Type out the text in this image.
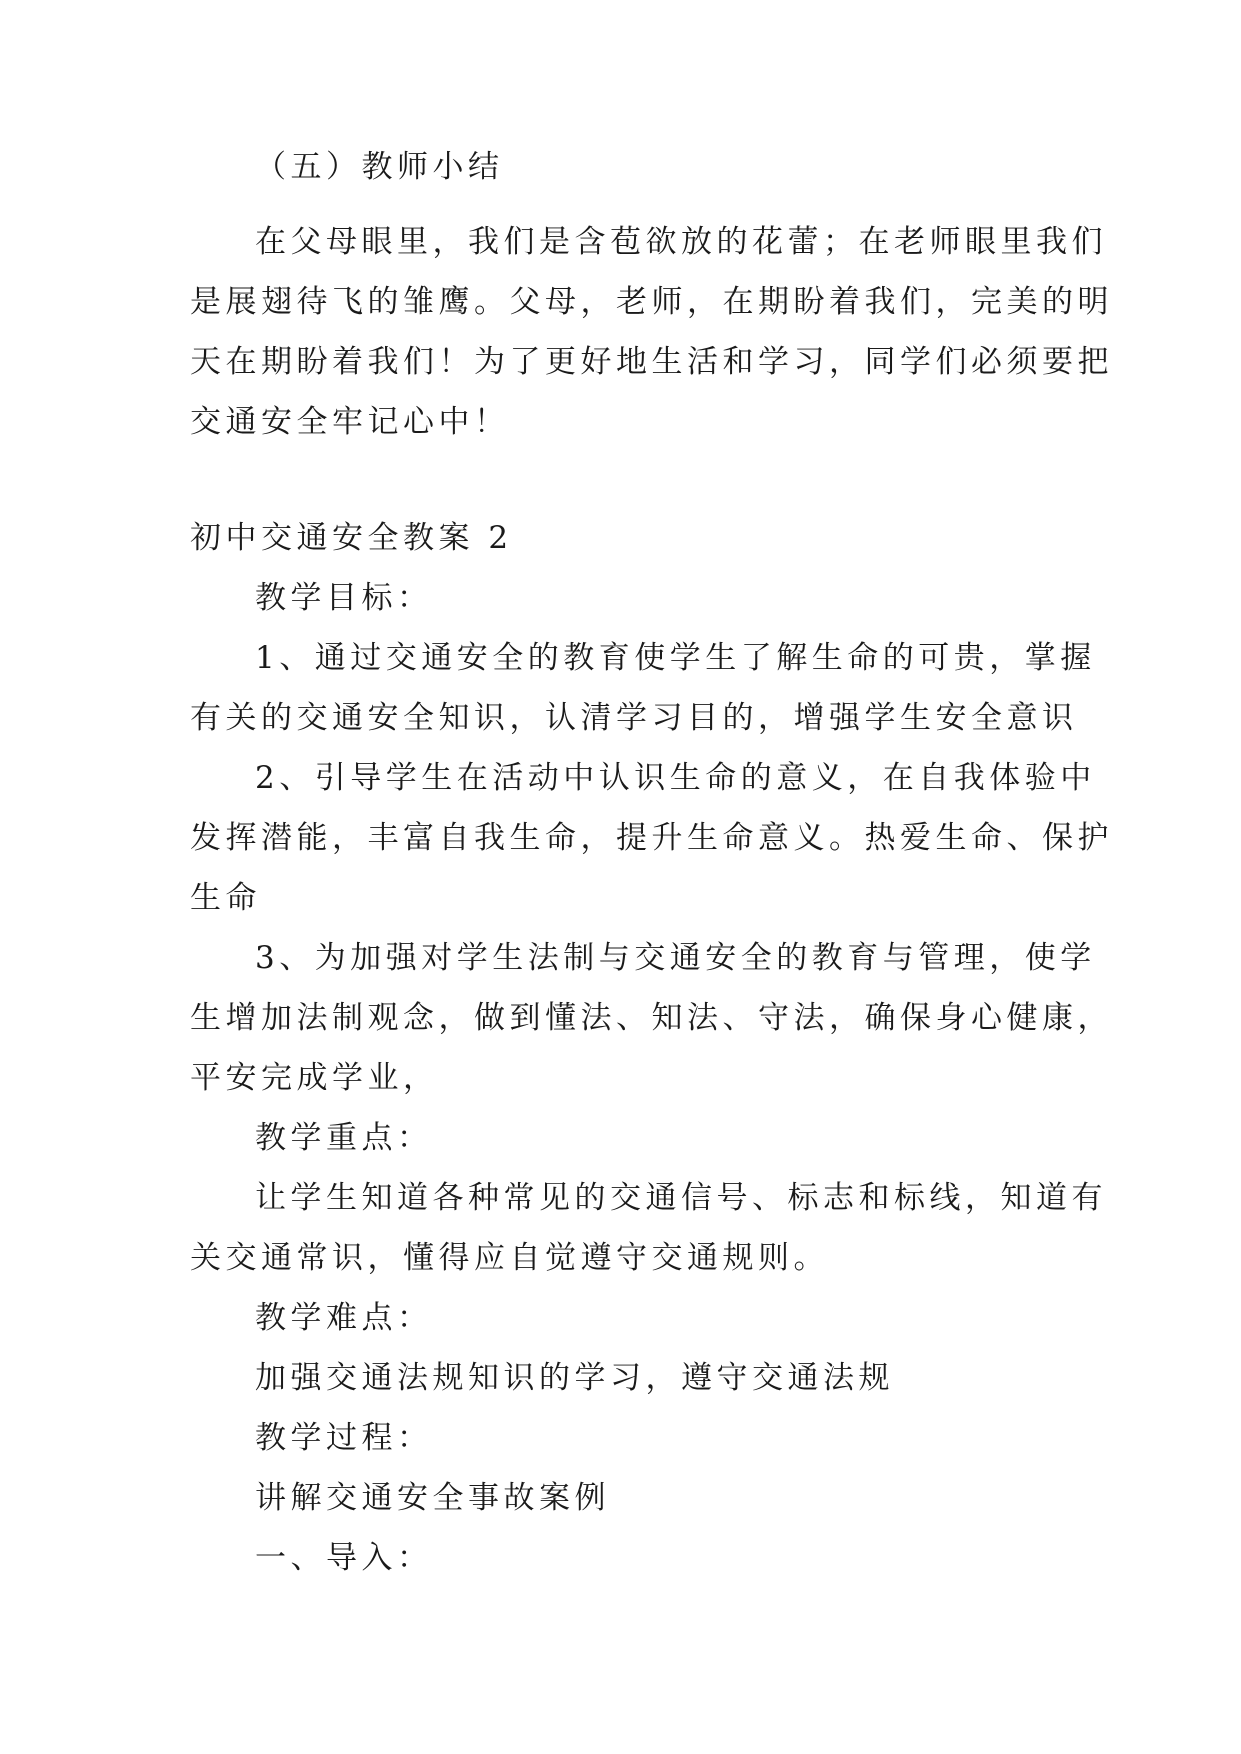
（五）教师小结
在父母眼里，我们是含苞欲放的花蕾；在老师眼里我们
是展翅待飞的雏鹰。父母，老师，在期盼着我们，完美的明
天在期盼着我们！为了更好地生活和学习，同学们必须要把
交通安全牢记心中！
初中交通安全教案 2
教学目标：
1、通过交通安全的教育使学生了解生命的可贵，掌握
有关的交通安全知识，认清学习目的，增强学生安全意识
2、引导学生在活动中认识生命的意义，在自我体验中
发挥潜能，丰富自我生命，提升生命意义。热爱生命、保护
生命
3、为加强对学生法制与交通安全的教育与管理，使学
生增加法制观念，做到懂法、知法、守法，确保身心健康，
平安完成学业，
教学重点：
让学生知道各种常见的交通信号、标志和标线，知道有
关交通常识，懂得应自觉遵守交通规则。
教学难点：
加强交通法规知识的学习，遵守交通法规
教学过程：
讲解交通安全事故案例
一、导入：
